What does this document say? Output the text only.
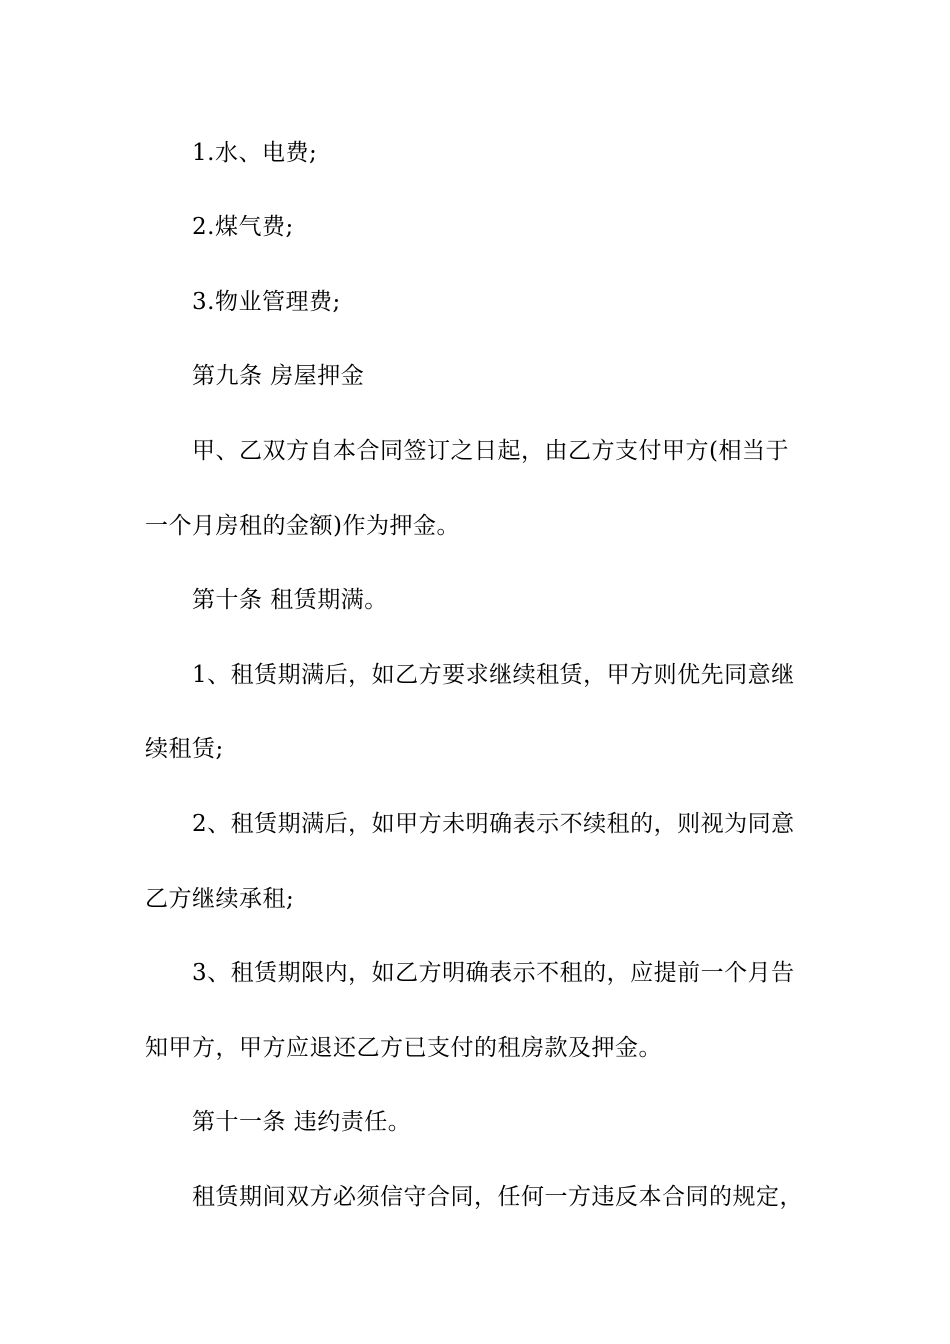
1.水、电费;
2.煤气费;
3.物业管理费;
第九条 房屋押金
甲、乙双方自本合同签订之日起，由乙方支付甲方(相当于
一个月房租的金额)作为押金。
第十条 租赁期满。
1、租赁期满后，如乙方要求继续租赁，甲方则优先同意继
续租赁;
2、租赁期满后，如甲方未明确表示不续租的，则视为同意
乙方继续承租;
3、租赁期限内，如乙方明确表示不租的，应提前一个月告
知甲方，甲方应退还乙方已支付的租房款及押金。
第十一条 违约责任。
租赁期间双方必须信守合同，任何一方违反本合同的规定，
